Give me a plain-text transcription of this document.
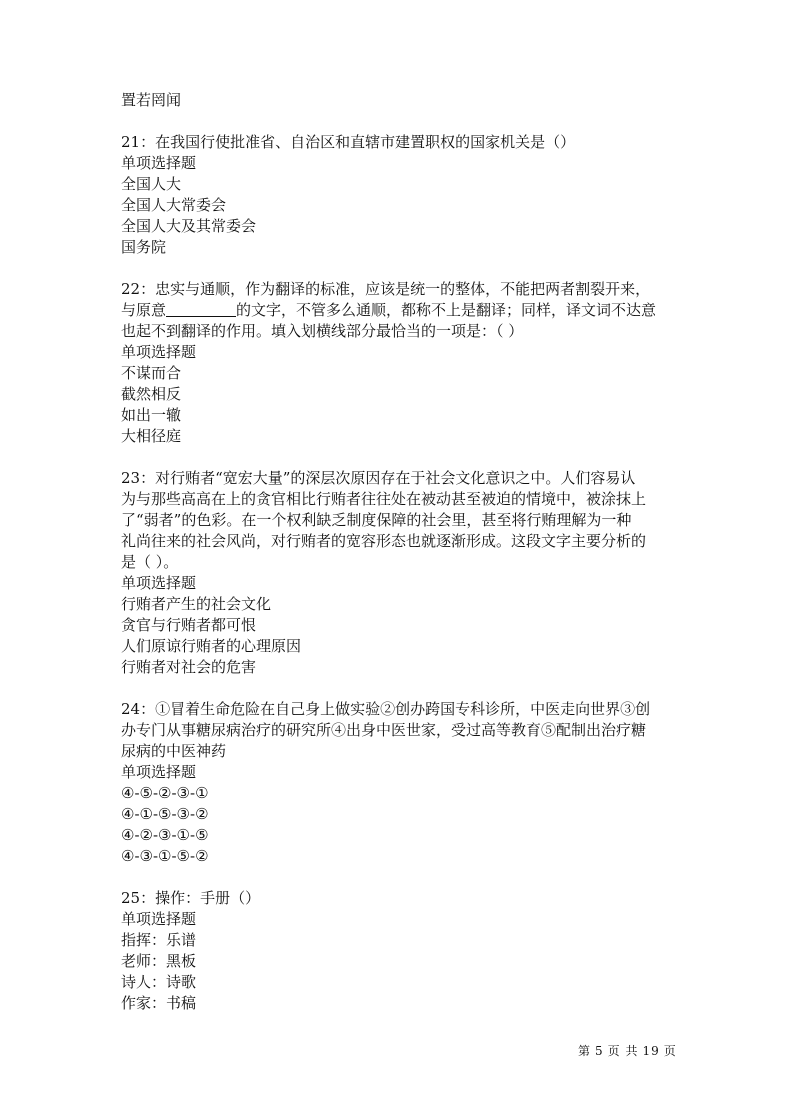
置若罔闻
21：在我国行使批准省、自治区和直辖市建置职权的国家机关是（）
单项选择题
全国人大
全国人大常委会
全国人大及其常委会
国务院
22：忠实与通顺，作为翻译的标准，应该是统一的整体，不能把两者割裂开来，
与原意	的文字，不管多么通顺，都称不上是翻译；同样，译文词不达意
也起不到翻译的作用。填入划横线部分最恰当的一项是：（ ）
单项选择题
不谋而合
截然相反
如出一辙
大相径庭
23：对行贿者“宽宏大量”的深层次原因存在于社会文化意识之中。人们容易认
为与那些高高在上的贪官相比行贿者往往处在被动甚至被迫的情境中，被涂抹上
了“弱者”的色彩。在一个权利缺乏制度保障的社会里，甚至将行贿理解为一种
礼尚往来的社会风尚，对行贿者的宽容形态也就逐渐形成。这段文字主要分析的
是（ ）。
单项选择题
行贿者产生的社会文化
贪官与行贿者都可恨
人们原谅行贿者的心理原因
行贿者对社会的危害
24：①冒着生命危险在自己身上做实验②创办跨国专科诊所，中医走向世界③创
办专门从事糖尿病治疗的研究所④出身中医世家，受过高等教育⑤配制出治疗糖
尿病的中医神药
单项选择题
④-⑤-②-③-①
④-①-⑤-③-②
④-②-③-①-⑤
④-③-①-⑤-②
25：操作：手册（）
单项选择题
指挥：乐谱
老师：黑板
诗人：诗歌
作家：书稿
第 5 页 共 19 页
